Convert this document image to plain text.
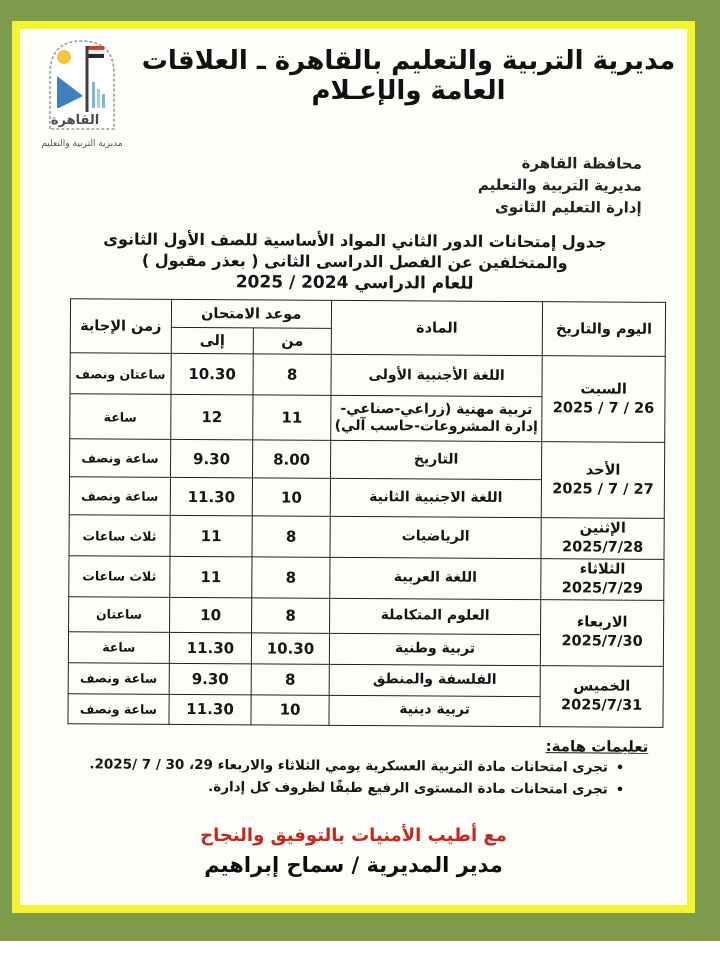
القاهرة
مديرية التربية والتعليم
مديرية التربية والتعليم بالقاهرة ـ العلاقات العامة والإعـلام
محافظة القاهرة
مديرية التربية والتعليم
إدارة التعليم الثانوى
جدول إمتحانات الدور الثاني المواد الأساسية للصف الأول الثانوى
والمتخلفين عن الفصل الدراسى الثانى ( بعذر مقبول )
للعام الدراسي 2024 / 2025
اليوم والتاريخ	المادة	موعد الامتحان		زمن الإجابة
		من	إلى	
السبت
2025 / 7 / 26	اللغة الأجنبية الأولى	8	10.30	ساعتان ونصف
	تربية مهنية (زراعي-صناعي-إدارة المشروعات-حاسب آلي)	11	12	ساعة
الأحد
2025 / 7 / 27	التاريخ	8.00	9.30	ساعة ونصف
	اللغة الاجنبية الثانية	10	11.30	ساعة ونصف
الإثنين
2025/7/28	الرياضيات	8	11	ثلاث ساعات
الثلاثاء
2025/7/29	اللغة العربية	8	11	ثلاث ساعات
الاربعاء
2025/7/30	العلوم المتكاملة	8	10	ساعتان
	تربية وطنية	10.30	11.30	ساعة
الخميس
2025/7/31	الفلسفة والمنطق	8	9.30	ساعة ونصف
	تربية دينية	10	11.30	ساعة ونصف
تعليمات هامة:
•تجرى امتحانات مادة التربية العسكرية يومي الثلاثاء والاربعاء 29، 30 / 7 /2025.
•تجرى امتحانات مادة المستوى الرفيع طبقًا لظروف كل إدارة.
مع أطيب الأمنيات بالتوفيق والنجاح
مدير المديرية / سماح إبراهيم
